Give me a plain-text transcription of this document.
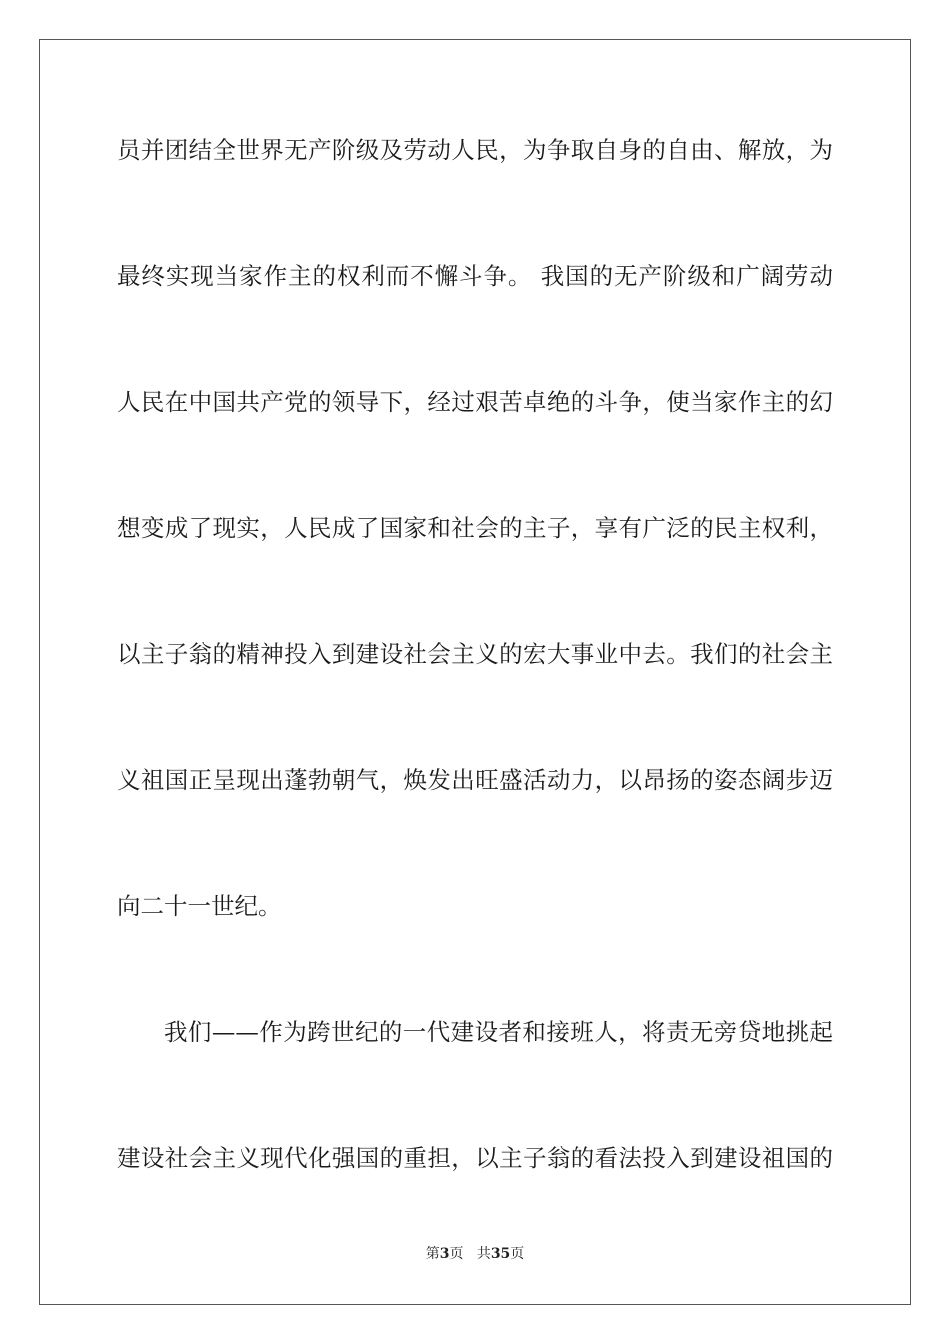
员并团结全世界无产阶级及劳动人民，为争取自身的自由、解放，为
最终实现当家作主的权利而不懈斗争。 我国的无产阶级和广阔劳动
人民在中国共产党的领导下，经过艰苦卓绝的斗争，使当家作主的幻
想变成了现实，人民成了国家和社会的主子，享有广泛的民主权利，
以主子翁的精神投入到建设社会主义的宏大事业中去。我们的社会主
义祖国正呈现出蓬勃朝气，焕发出旺盛活动力，以昂扬的姿态阔步迈
向二十一世纪。
我们——作为跨世纪的一代建设者和接班人，将责无旁贷地挑起
建设社会主义现代化强国的重担，以主子翁的看法投入到建设祖国的
第3页 共35页
